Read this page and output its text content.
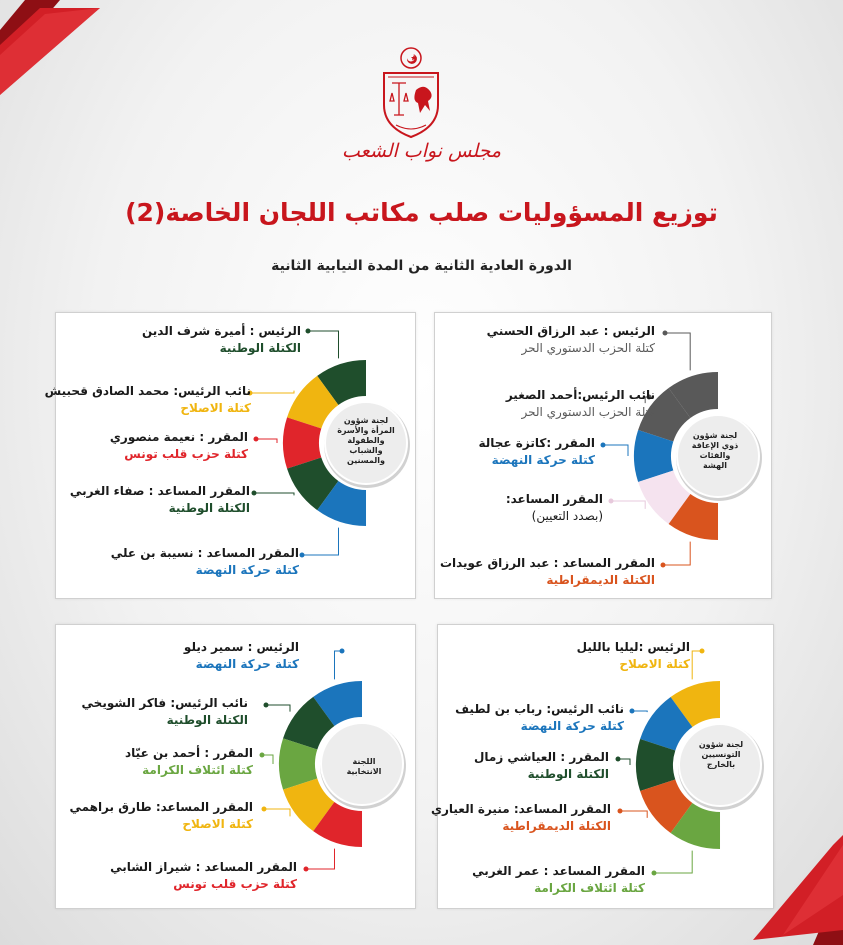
مجلس نواب الشعب
توزيع المسؤوليات صلب مكاتب اللجان الخاصة(2)
الدورة العادية الثانية من المدة النيابية الثانية
لجنة شؤون ذوي الإعاقة والفئات الهشة
الرئيس : عبد الرزاق الحسني
كتلة الحزب الدستوري الحر
نائب الرئيس:أحمد الصغير
كتلة الحزب الدستوري الحر
المقرر :كاتزة عجالة
كتلة حركة النهضة
المقرر المساعد:
(بصدد التعيين)
المقرر المساعد : عبد الرزاق عويدات
الكتلة الديمقراطية
لجنة شؤون المرأة والأسرة والطفولة والشباب والمسنين
الرئيس : أميرة شرف الدين
الكتلة الوطنية
نائب الرئيس: محمد الصادق قحبيش
كتلة الاصلاح
المقرر : نعيمة منصوري
كتلة حزب قلب تونس
المقرر المساعد : صفاء الغربي
الكتلة الوطنية
المقرر المساعد : نسيبة بن علي
كتلة حركة النهضة
لجنة شؤون التونسيين بالخارج
الرئيس :ليليا بالليل
كتلة الاصلاح
نائب الرئيس: رباب بن لطيف
كتلة حركة النهضة
المقرر : العياشي زمال
الكتلة الوطنية
المقرر المساعد: منيرة العياري
الكتلة الديمقراطية
المقرر المساعد : عمر الغربي
كتلة ائتلاف الكرامة
اللجنة الانتخابية
الرئيس : سمير ديلو
كتلة حركة النهضة
نائب الرئيس: فاكر الشويخي
الكتلة الوطنية
المقرر : أحمد بن عيّاد
كتلة ائتلاف الكرامة
المقرر المساعد: طارق براهمي
كتلة الاصلاح
المقرر المساعد : شيراز الشابي
كتلة حزب قلب تونس
